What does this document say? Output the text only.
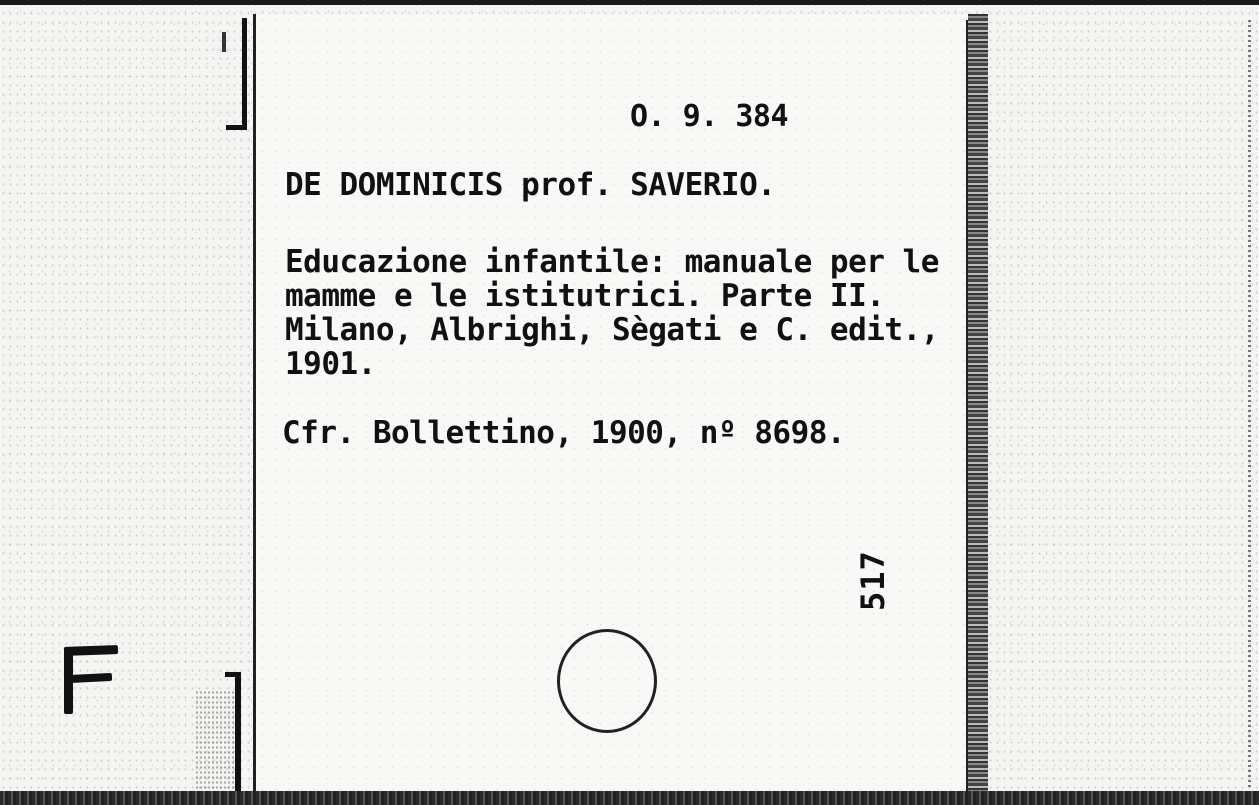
O. 9. 384

DE DOMINICIS prof. SAVERIO.

Educazione infantile: manuale per le
mamme e le istitutrici. Parte II.
Milano, Albrighi, Sègati e C. edit.,
1901.

Cfr. Bollettino, 1900, nº 8698.

517
